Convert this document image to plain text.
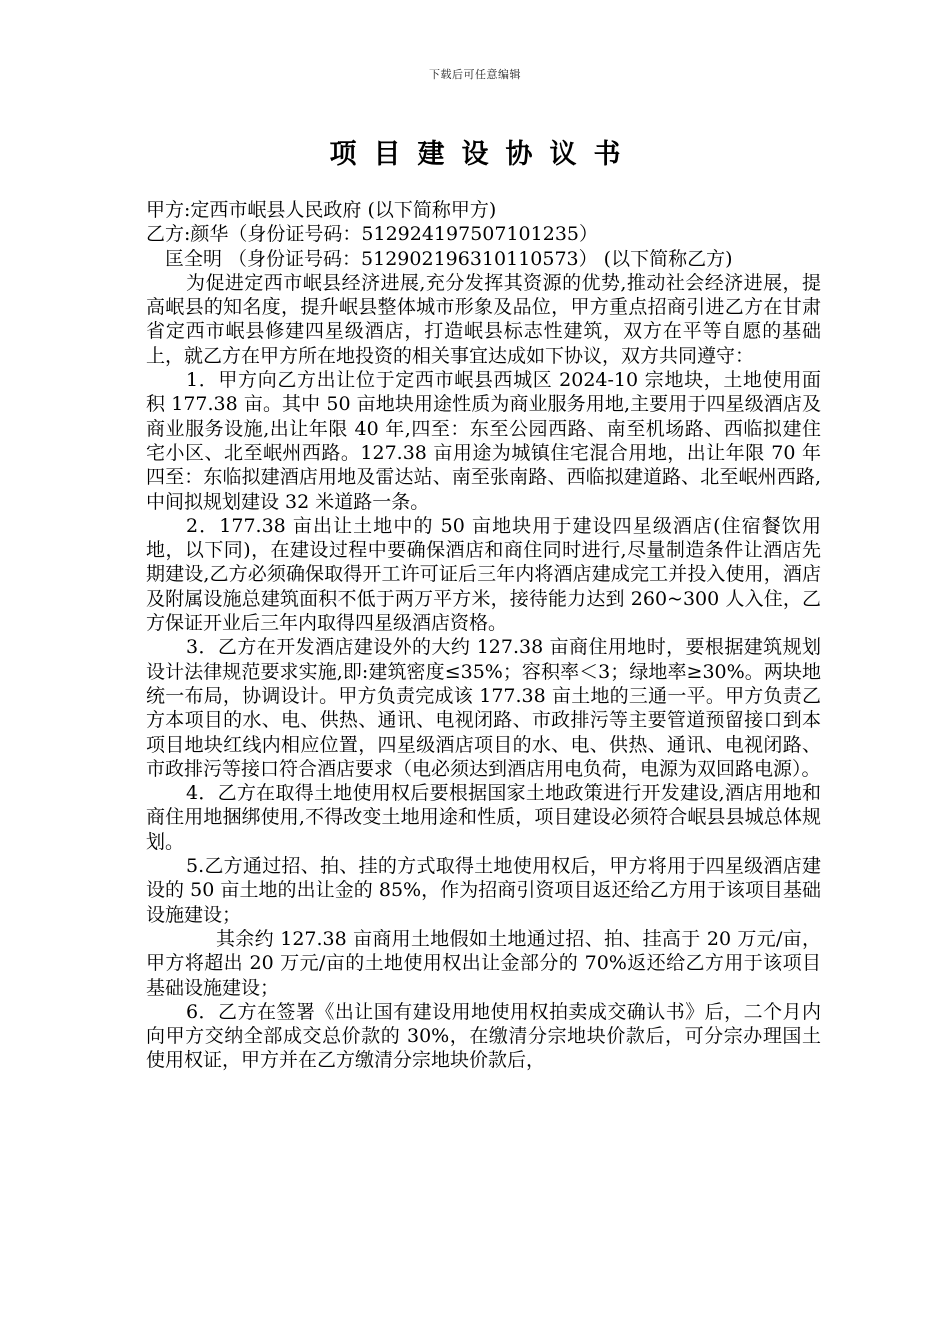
下载后可任意编辑
项目建设协议书

甲方:定西市岷县人民政府 (以下简称甲方)

乙方:颜华（身份证号码：512924197507101235）

匡全明 （身份证号码：512902196310110573） (以下简称乙方)

为促进定西市岷县经济进展,充分发挥其资源的优势,推动社会经济进展，提高岷县的知名度，提升岷县整体城市形象及品位，甲方重点招商引进乙方在甘肃省定西市岷县修建四星级酒店，打造岷县标志性建筑，双方在平等自愿的基础上，就乙方在甲方所在地投资的相关事宜达成如下协议，双方共同遵守：

1．甲方向乙方出让位于定西市岷县西城区 2024-10 宗地块，土地使用面积 177.38 亩。其中 50 亩地块用途性质为商业服务用地,主要用于四星级酒店及商业服务设施,出让年限 40 年,四至：东至公园西路、南至机场路、西临拟建住宅小区、北至岷州西路。127.38 亩用途为城镇住宅混合用地，出让年限 70 年四至：东临拟建酒店用地及雷达站、南至张南路、西临拟建道路、北至岷州西路,中间拟规划建设 32 米道路一条。

2．177.38 亩出让土地中的 50 亩地块用于建设四星级酒店(住宿餐饮用地，以下同)，在建设过程中要确保酒店和商住同时进行,尽量制造条件让酒店先期建设,乙方必须确保取得开工许可证后三年内将酒店建成完工并投入使用，酒店及附属设施总建筑面积不低于两万平方米，接待能力达到 260~300 人入住，乙方保证开业后三年内取得四星级酒店资格。

3．乙方在开发酒店建设外的大约 127.38 亩商住用地时，要根据建筑规划设计法律规范要求实施,即:建筑密度≤35%；容积率＜3；绿地率≥30%。两块地统一布局，协调设计。甲方负责完成该 177.38 亩土地的三通一平。甲方负责乙方本项目的水、电、供热、通讯、电视闭路、市政排污等主要管道预留接口到本项目地块红线内相应位置，四星级酒店项目的水、电、供热、通讯、电视闭路、市政排污等接口符合酒店要求（电必须达到酒店用电负荷，电源为双回路电源）。

4．乙方在取得土地使用权后要根据国家土地政策进行开发建设,酒店用地和商住用地捆绑使用,不得改变土地用途和性质，项目建设必须符合岷县县城总体规划。

5.乙方通过招、拍、挂的方式取得土地使用权后，甲方将用于四星级酒店建设的 50 亩土地的出让金的 85%，作为招商引资项目返还给乙方用于该项目基础设施建设；

其余约 127.38 亩商用土地假如土地通过招、拍、挂高于 20 万元/亩，甲方将超出 20 万元/亩的土地使用权出让金部分的 70%返还给乙方用于该项目基础设施建设；

6．乙方在签署《出让国有建设用地使用权拍卖成交确认书》后，二个月内向甲方交纳全部成交总价款的 30%，在缴清分宗地块价款后，可分宗办理国土使用权证，甲方并在乙方缴清分宗地块价款后，
